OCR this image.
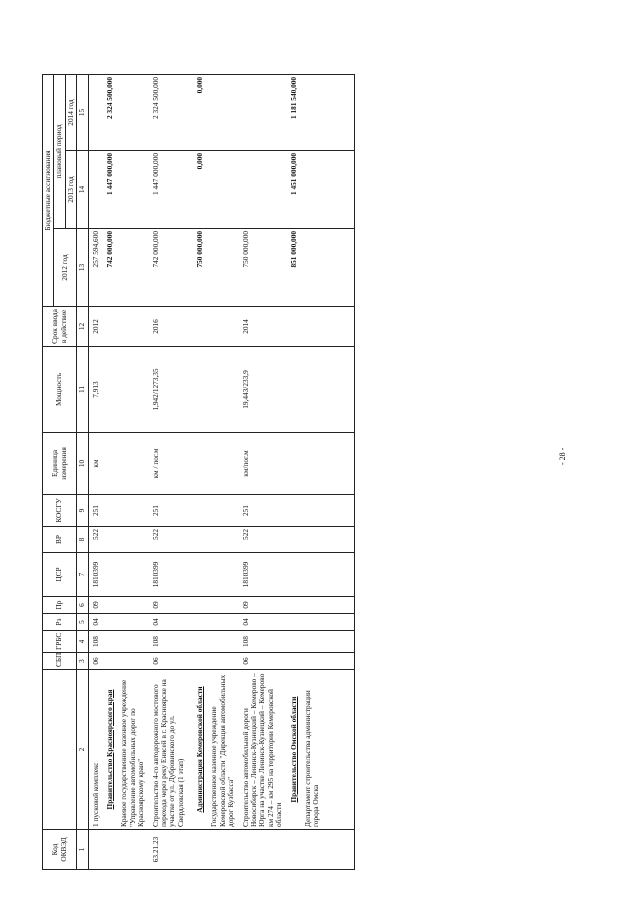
Код ОКВЭД		СБП	ГРБС	Рз	Пр	ЦСР	ВР	КОСГУ	Единица измерения	Мощность	Срок ввода в действие	Бюджетные ассигнования		
												2012 год	плановый период	
													2013 год	2014 год
1	2	3	4	5	6	7	8	9	10	11	12	13	14	15
	1 пусковой комплекс	06	108	04	09	1810399	522	251	км	7,913	2012	257 594,600		
	Правительство Красноярского края											742 000,000	1 447 000,000	2 324 500,000
	Краевое государственное казенное учреждение "Управление автомобильных дорог по Красноярскому краю"													
63.21.23	Строительство 4-го автодорожного мостового перехода через реку Енисей в г. Красноярске на участке от ул. Дубровинского до ул. Свердловская (1 этап)	06	108	04	09	1810399	522	251	км / пог.м	1,942/1273,35	2016	742 000,000	1 447 000,000	2 324 500,000
	Администрация Кемеровской области											750 000,000	0,000	0,000
	Государственное казенное учреждение Кемеровской области "Дирекция автомобильных дорог Кузбасса"													
	Строительство автомобильной дороги Новосибирск – Ленинск-Кузнецкий – Кемерово – Юрга на участке Ленинск-Кузнецкий – Кемерово км 274 – км 295 на территории Кемеровской области	06	108	04	09	1810399	522	251	км/пог.м	19,443/233,9	2014	750 000,000		
	Правительство Омской области											851 000,000	1 451 000,000	1 181 540,000
	Департамент строительства администрации города Омска													

- 28 -
